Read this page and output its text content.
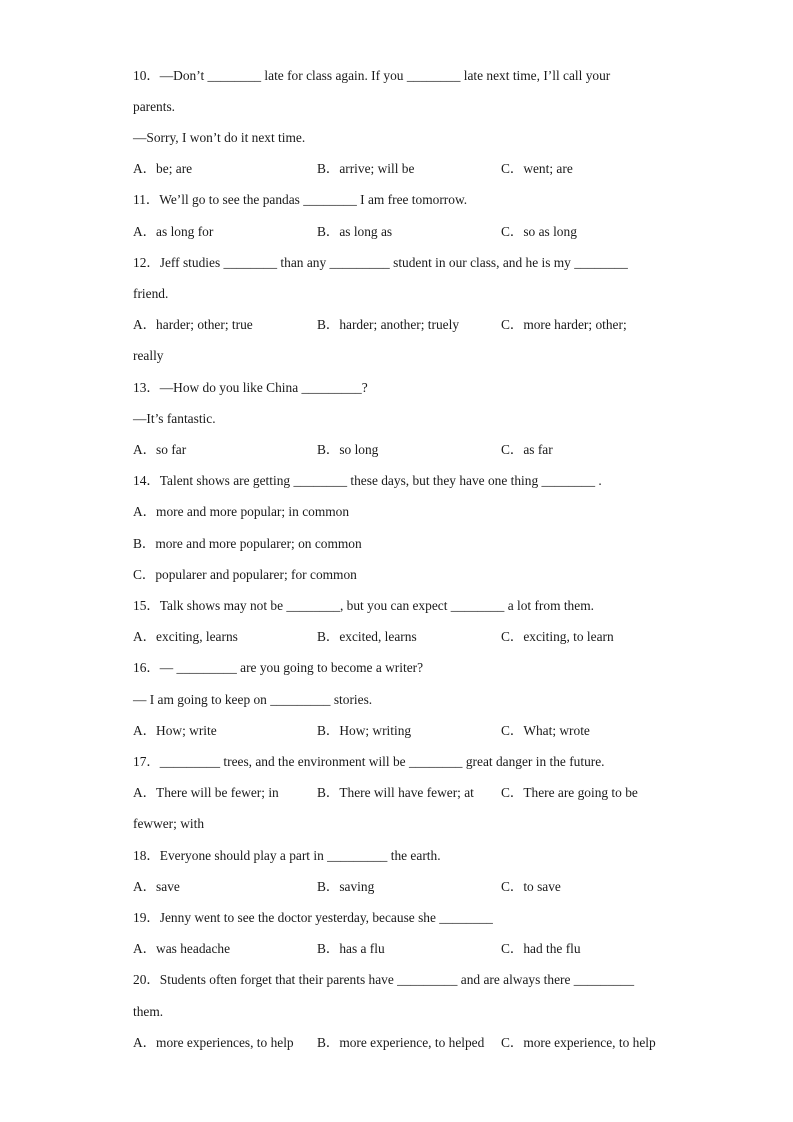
10．—Don’t ________ late for class again. If you ________ late next time, I’ll call your
parents.
—Sorry, I won’t do it next time.
A．be; are	B．arrive; will be	C．went; are
11．We’ll go to see the pandas ________ I am free tomorrow.
A．as long for	B．as long as	C．so as long
12．Jeff studies ________ than any _________ student in our class, and he is my ________
friend.
A．harder; other; true	B．harder; another; truely	C．more harder; other;
really
13．—How do you like China _________?
—It’s fantastic.
A．so far	B．so long	C．as far
14．Talent shows are getting ________ these days, but they have one thing ________ .
A．more and more popular; in common
B．more and more popularer; on common
C．popularer and popularer; for common
15．Talk shows may not be ________, but you can expect ________ a lot from them.
A．exciting, learns	B．excited, learns	C．exciting, to learn
16．— _________ are you going to become a writer?
— I am going to keep on _________ stories.
A．How; write	B．How; writing	C．What; wrote
17．_________ trees, and the environment will be ________ great danger in the future.
A．There will be fewer; in	B．There will have fewer; at C．There are going to be
fewwer; with
18．Everyone should play a part in _________ the earth.
A．save	B．saving	C．to save
19．Jenny went to see the doctor yesterday, because she ________
A．was headache	B．has a flu	C．had the flu
20．Students often forget that their parents have _________ and are always there _________
them.
A．more experiences, to help B．more experience, to helped C．more experience, to help
